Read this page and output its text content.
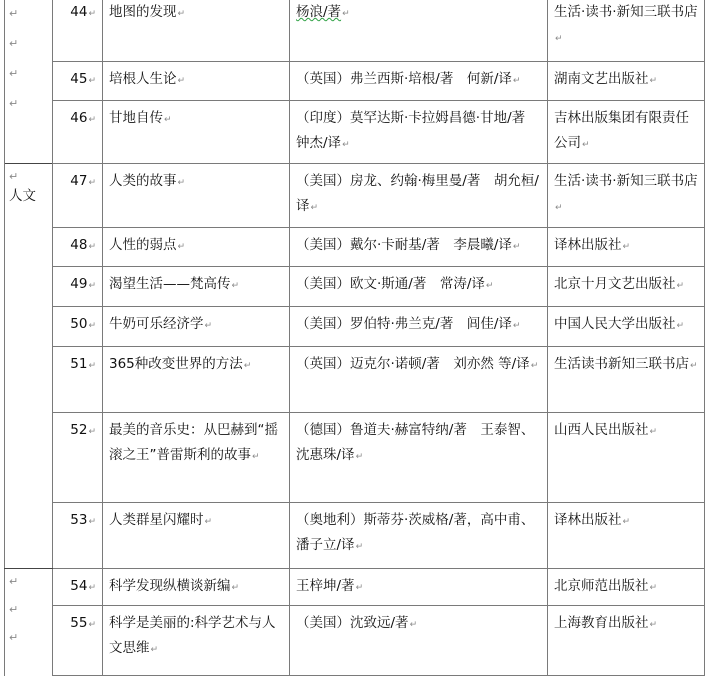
↵
↵
↵
↵	44↵	地图的发现↵	杨浪/著↵	生活·读书·新知三联书店↵
	45↵	培根人生论↵	（英国）弗兰西斯·培根/著　何新/译↵	湖南文艺出版社↵
	46↵	甘地自传↵	（印度）莫罕达斯·卡拉姆昌德·甘地/著　钟杰/译↵	吉林出版集团有限责任公司↵

↵
人文	47↵	人类的故事↵	（美国）房龙、约翰·梅里曼/著　胡允桓/译↵	生活·读书·新知三联书店↵
	48↵	人性的弱点↵	（美国）戴尔·卡耐基/著　李晨曦/译↵	译林出版社↵
	49↵	渴望生活——梵高传↵	（美国）欧文·斯通/著　常涛/译↵	北京十月文艺出版社↵
	50↵	牛奶可乐经济学↵	（美国）罗伯特·弗兰克/著　闾佳/译↵	中国人民大学出版社↵
	51↵	365种改变世界的方法↵	（英国）迈克尔·诺顿/著　刘亦然 等/译↵	生活读书新知三联书店↵
	52↵	最美的音乐史：从巴赫到“摇滚之王”普雷斯利的故事↵	（德国）鲁道夫·赫富特纳/著　王泰智、沈惠珠/译↵	山西人民出版社↵
	53↵	人类群星闪耀时↵	（奥地利）斯蒂芬·茨威格/著，高中甫、潘子立/译↵	译林出版社↵

↵
↵
↵	54↵	科学发现纵横谈新编↵	王梓坤/著↵	北京师范出版社↵
	55↵	科学是美丽的:科学艺术与人文思维↵	（美国）沈致远/著↵	上海教育出版社↵
